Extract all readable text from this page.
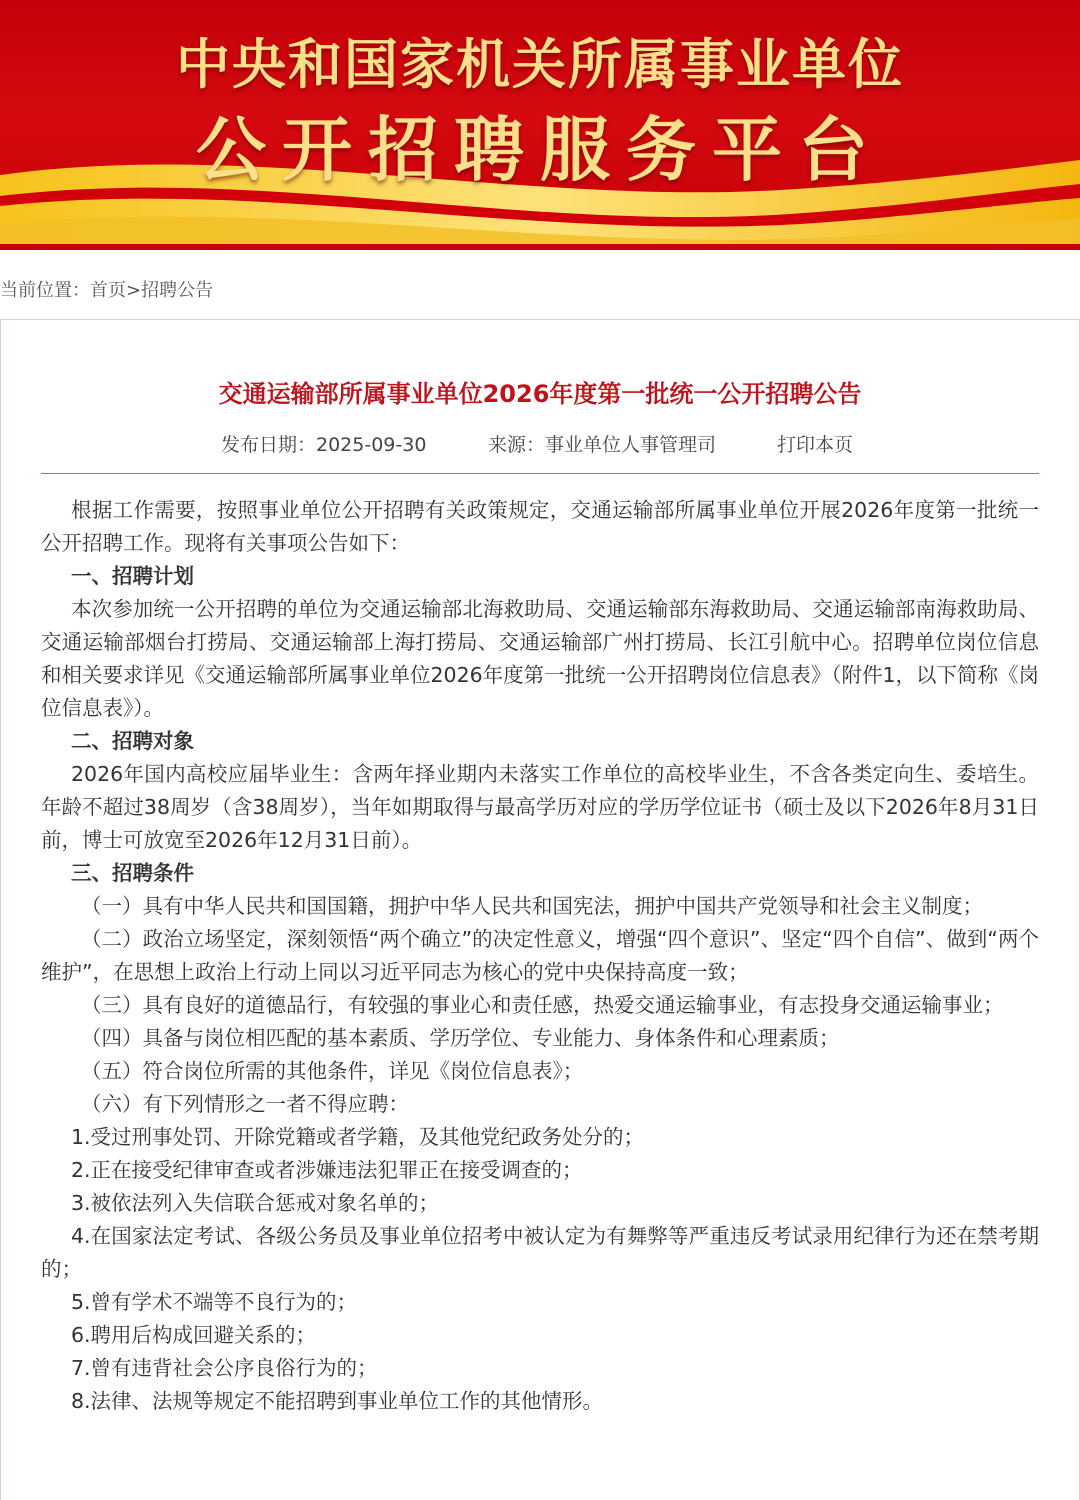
中央和国家机关所属事业单位
公开招聘服务平台
当前位置：首页>招聘公告
交通运输部所属事业单位2026年度第一批统一公开招聘公告
发布日期：2025-09-30	来源：事业单位人事管理司	打印本页

根据工作需要，按照事业单位公开招聘有关政策规定，交通运输部所属事业单位开展2026年度第一批统一公开招聘工作。现将有关事项公告如下：

一、招聘计划

本次参加统一公开招聘的单位为交通运输部北海救助局、交通运输部东海救助局、交通运输部南海救助局、交通运输部烟台打捞局、交通运输部上海打捞局、交通运输部广州打捞局、长江引航中心。招聘单位岗位信息和相关要求详见《交通运输部所属事业单位2026年度第一批统一公开招聘岗位信息表》（附件1，以下简称《岗位信息表》）。

二、招聘对象

2026年国内高校应届毕业生：含两年择业期内未落实工作单位的高校毕业生，不含各类定向生、委培生。年龄不超过38周岁（含38周岁），当年如期取得与最高学历对应的学历学位证书（硕士及以下2026年8月31日前，博士可放宽至2026年12月31日前）。

三、招聘条件

（一）具有中华人民共和国国籍，拥护中华人民共和国宪法，拥护中国共产党领导和社会主义制度；

（二）政治立场坚定，深刻领悟“两个确立”的决定性意义，增强“四个意识”、坚定“四个自信”、做到“两个维护”，在思想上政治上行动上同以习近平同志为核心的党中央保持高度一致；

（三）具有良好的道德品行，有较强的事业心和责任感，热爱交通运输事业，有志投身交通运输事业；

（四）具备与岗位相匹配的基本素质、学历学位、专业能力、身体条件和心理素质；

（五）符合岗位所需的其他条件，详见《岗位信息表》；

（六）有下列情形之一者不得应聘：

1.受过刑事处罚、开除党籍或者学籍，及其他党纪政务处分的；

2.正在接受纪律审查或者涉嫌违法犯罪正在接受调查的；

3.被依法列入失信联合惩戒对象名单的；

4.在国家法定考试、各级公务员及事业单位招考中被认定为有舞弊等严重违反考试录用纪律行为还在禁考期的；

5.曾有学术不端等不良行为的；

6.聘用后构成回避关系的；

7.曾有违背社会公序良俗行为的；

8.法律、法规等规定不能招聘到事业单位工作的其他情形。
